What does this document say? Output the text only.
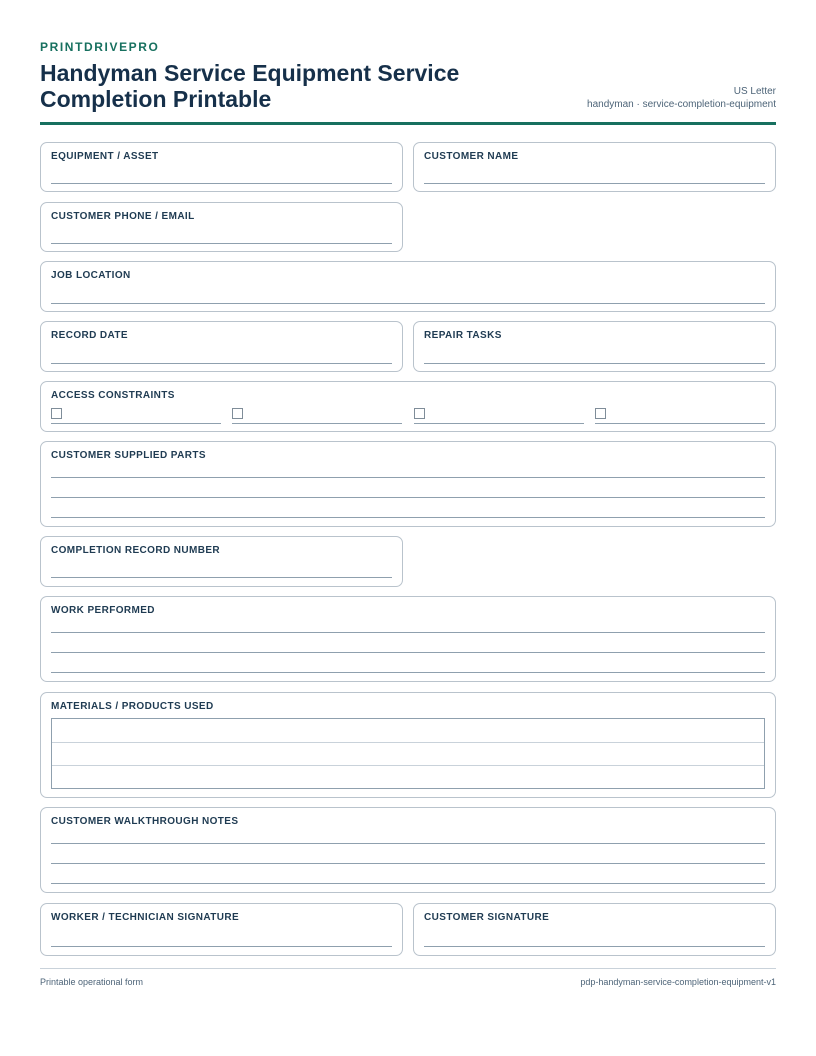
PRINTDRIVEPRO
Handyman Service Equipment Service Completion Printable	US Letter
handyman · service-completion-equipment
EQUIPMENT / ASSET	CUSTOMER NAME
CUSTOMER PHONE / EMAIL
JOB LOCATION
RECORD DATE	REPAIR TASKS
ACCESS CONSTRAINTS
CUSTOMER SUPPLIED PARTS
COMPLETION RECORD NUMBER
WORK PERFORMED
MATERIALS / PRODUCTS USED
CUSTOMER WALKTHROUGH NOTES
WORKER / TECHNICIAN SIGNATURE	CUSTOMER SIGNATURE
Printable operational form	pdp-handyman-service-completion-equipment-v1
